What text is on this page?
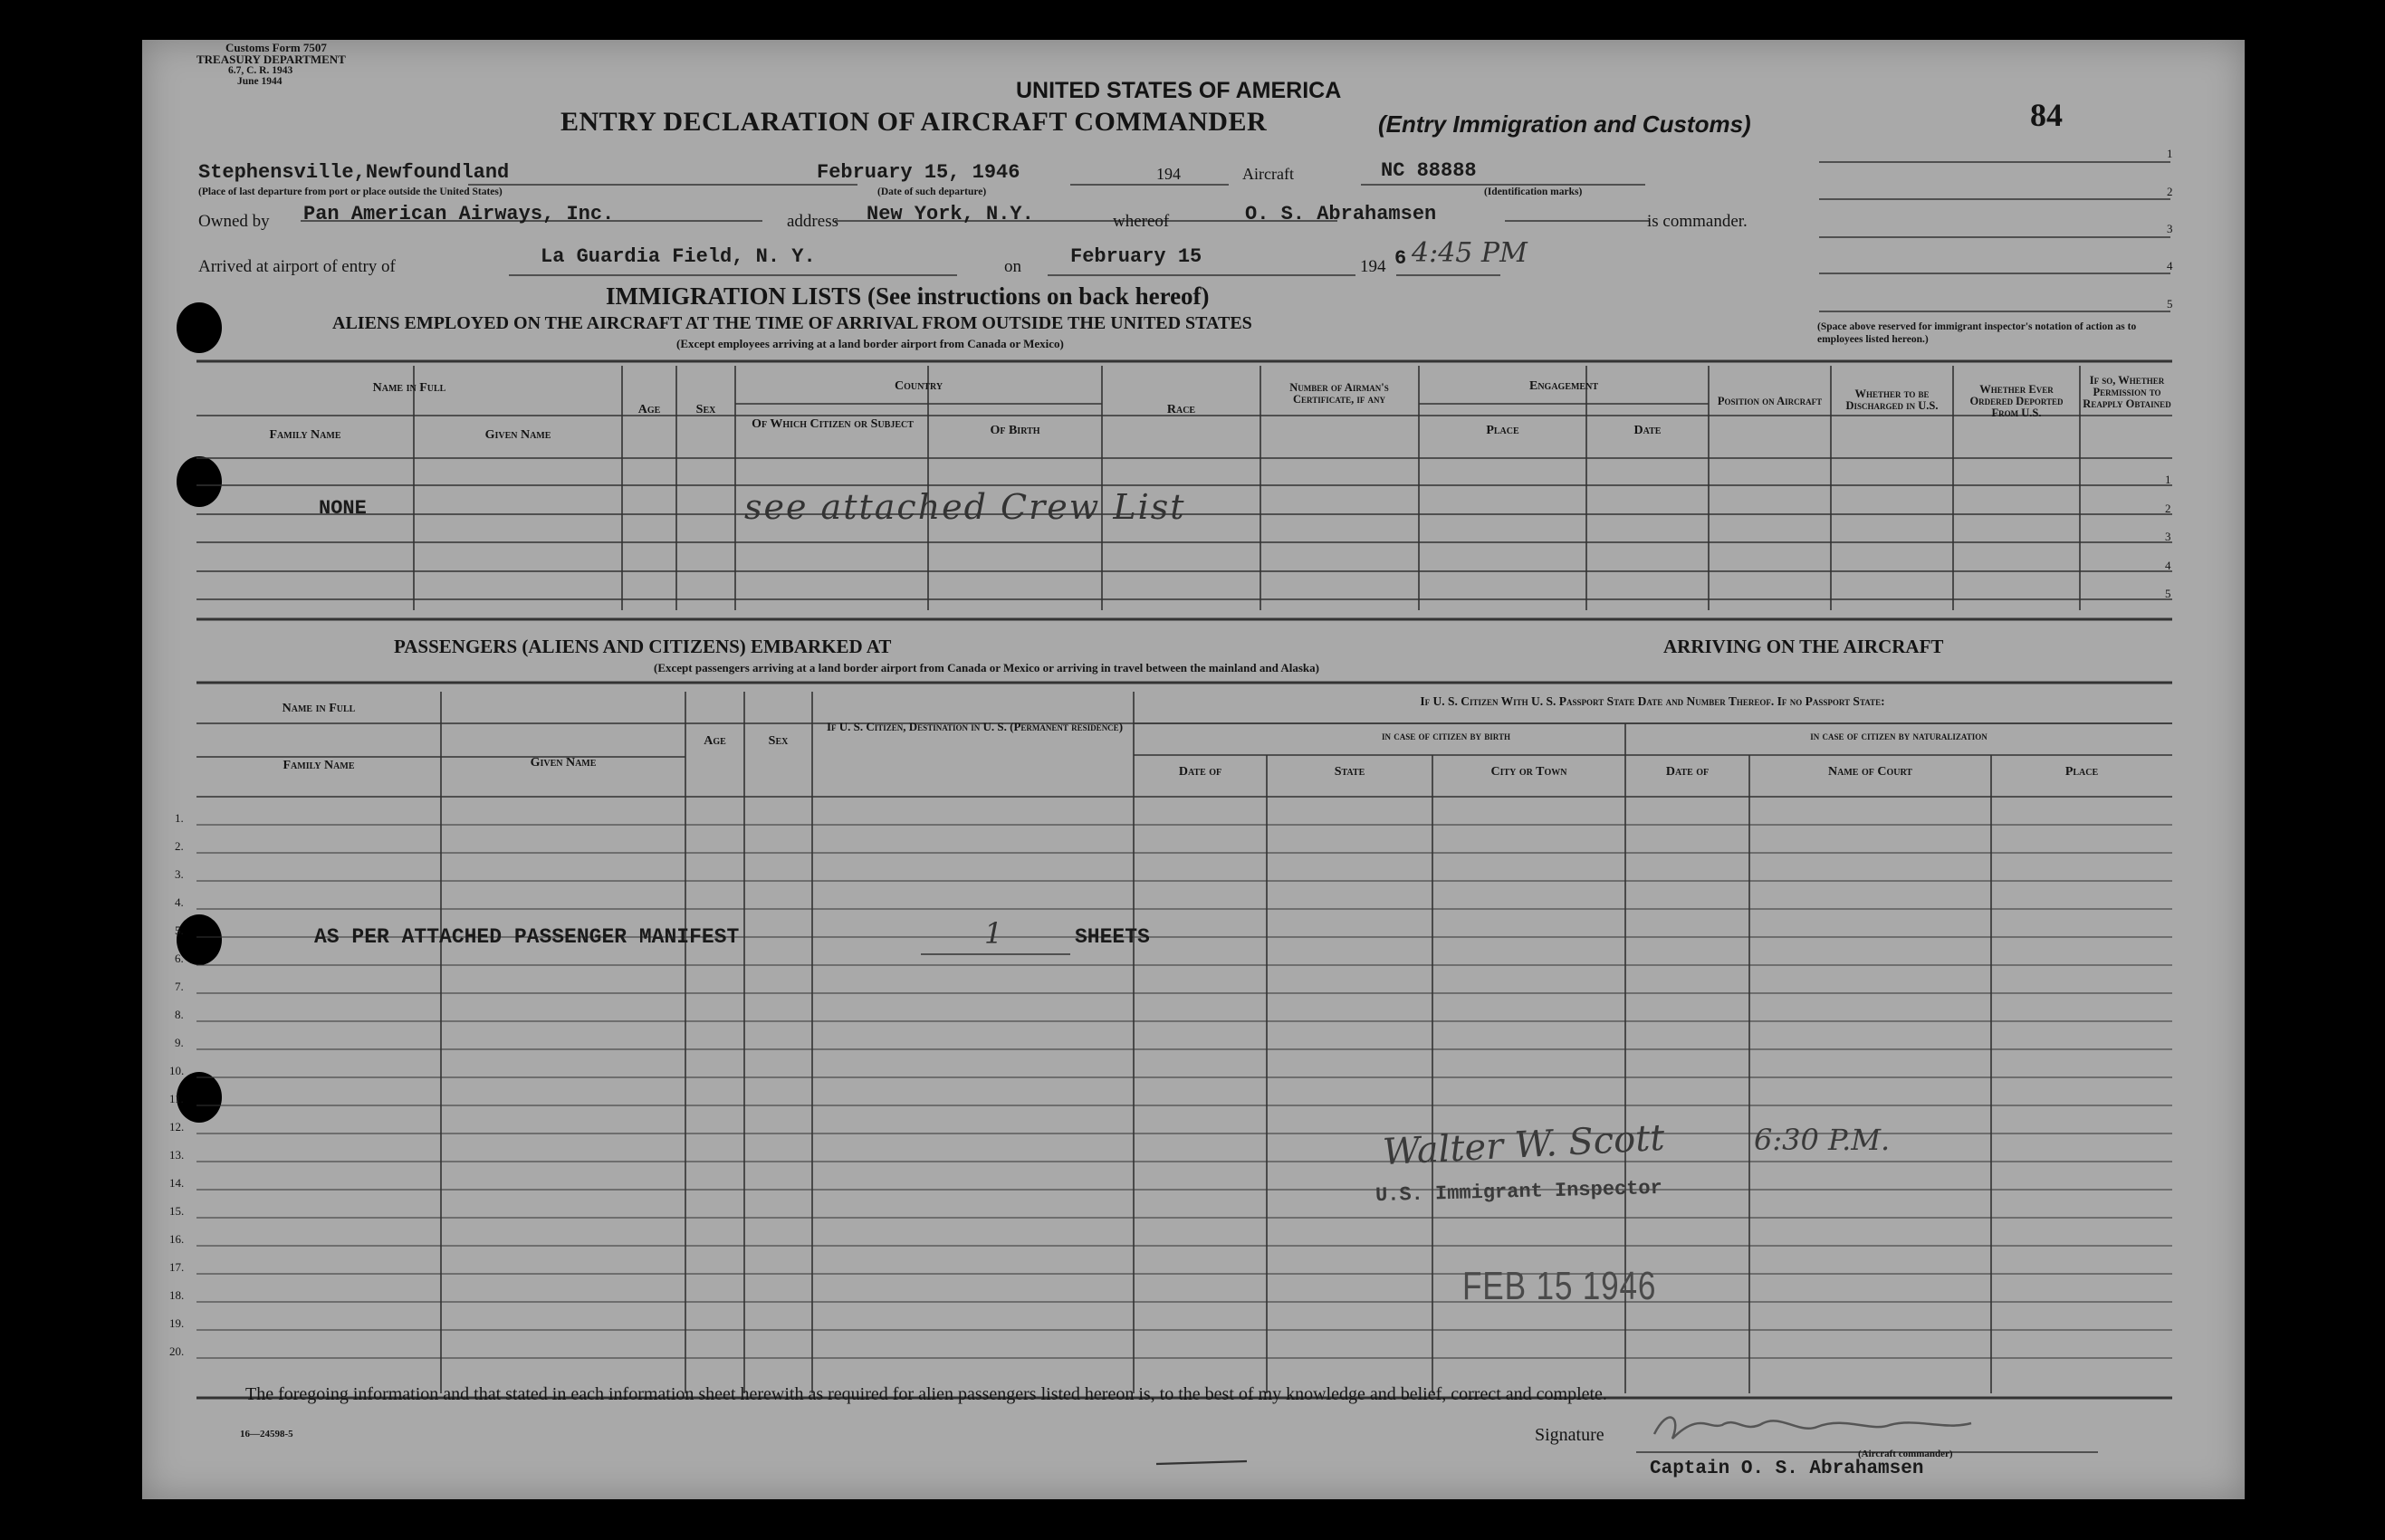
Customs Form 7507
TREASURY DEPARTMENT
6.7, C. R. 1943
June 1944	UNITED STATES OF AMERICA
ENTRY DECLARATION OF AIRCRAFT COMMANDER	(Entry Immigration and Customs)	84
Stephensville,Newfoundland
(Place of last departure from port or place outside the United States)
February 15, 1946	194
(Date of such departure)
Aircraft	NC 88888
(Identification marks)
Owned by Pan American Airways, Inc.	address New York, N.Y.	whereof	O. S. Abrahamsen	is commander.
Arrived at airport of entry of	La Guardia Field, N. Y.	on February 15	194 6 4:45 PM
1
2
3
4
5
(Space above reserved for immigrant inspector's notation of action as to employees listed hereon.)
IMMIGRATION LISTS (See instructions on back hereof)
ALIENS EMPLOYED ON THE AIRCRAFT AT THE TIME OF ARRIVAL FROM OUTSIDE THE UNITED STATES
(Except employees arriving at a land border airport from Canada or Mexico)
Name in Full
Family Name	Given Name
Age	Sex
Country
Of Which Citizen or Subject	Of Birth
Race
Number of Airman's Certificate, if any
Engagement
Place	Date
Position on Aircraft
Whether to be Discharged in U.S.
Whether Ever Ordered Deported From U.S.
If so, Whether Permission to Reapply Obtained
1
2
3
4
5
NONE	see attached Crew List
PASSENGERS (ALIENS AND CITIZENS) EMBARKED AT	ARRIVING ON THE AIRCRAFT
(Except passengers arriving at a land border airport from Canada or Mexico or arriving in travel between the mainland and Alaska)
Name in Full
Family Name	Given Name
Age	Sex
If U. S. Citizen, Destination in U. S. (Permanent residence)
If U. S. Citizen With U. S. Passport State Date and Number Thereof. If no Passport State:
in case of citizen by birth	in case of citizen by naturalization
Date of	State	City or Town	Date of	Name of Court	Place
1.
2.
3.
4.
5.
6.
7.
8.
9.
10.
11.
12.
13.
14.
15.
16.
17.
18.
19.
20.
AS PER ATTACHED PASSENGER MANIFEST	1	SHEETS
Walter W. Scott	6:30 P.M.
U.S. Immigrant Inspector
FEB 15 1946
The foregoing information and that stated in each information sheet herewith as required for alien passengers listed hereon is, to the best of my knowledge and belief, correct and complete.
16—24598-5	Signature
(Aircraft commander)
Captain O. S. Abrahamsen
